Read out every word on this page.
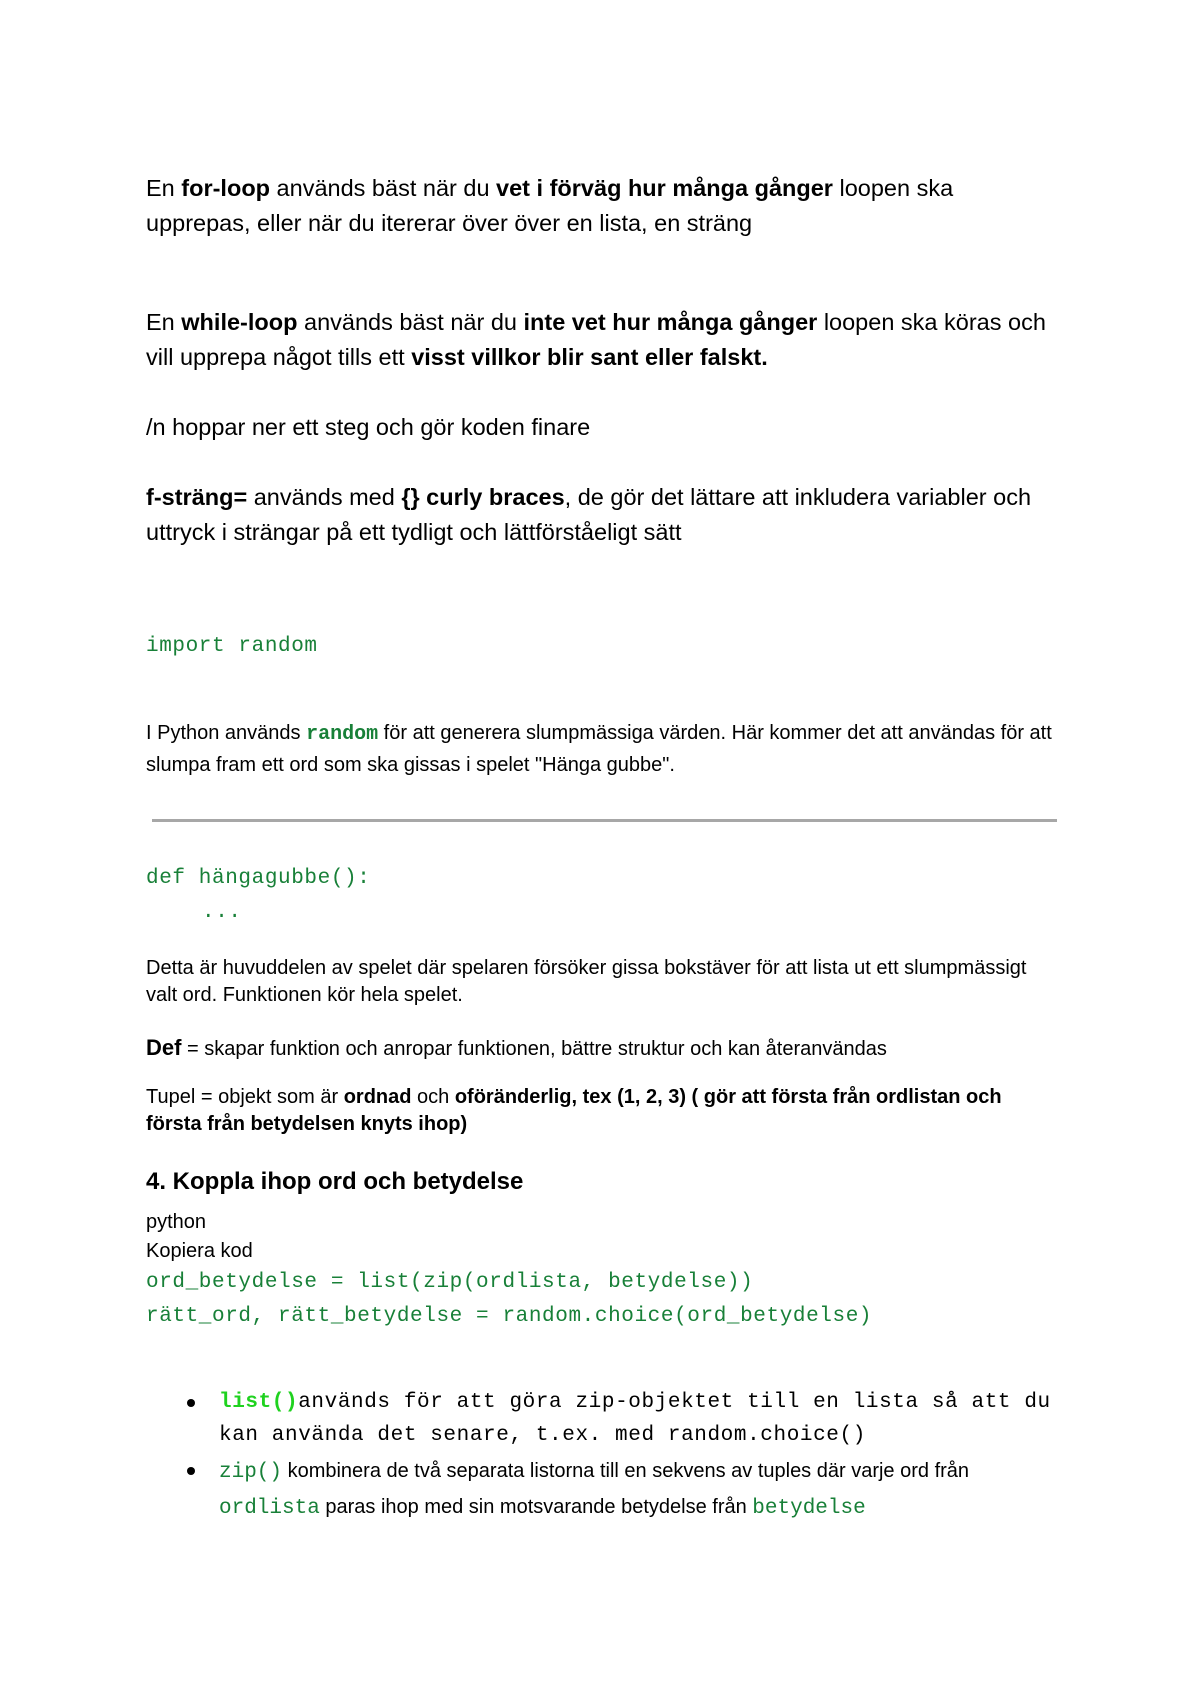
En for-loop används bäst när du vet i förväg hur många gånger loopen ska upprepas, eller när du itererar över över en lista, en sträng

En while-loop används bäst när du inte vet hur många gånger loopen ska köras och vill upprepa något tills ett visst villkor blir sant eller falskt.

/n hoppar ner ett steg och gör koden finare

f-sträng= används med {} curly braces, de gör det lättare att inkludera variabler och uttryck i strängar på ett tydligt och lättförståeligt sätt

import random

I Python används random för att generera slumpmässiga värden. Här kommer det att användas för att slumpa fram ett ord som ska gissas i spelet "Hänga gubbe".

def hängagubbe():
...

Detta är huvuddelen av spelet där spelaren försöker gissa bokstäver för att lista ut ett slumpmässigt valt ord. Funktionen kör hela spelet.

Def = skapar funktion och anropar funktionen, bättre struktur och kan återanvändas

Tupel = objekt som är ordnad och oföränderlig, tex (1, 2, 3) ( gör att första från ordlistan och första från betydelsen knyts ihop)

4. Koppla ihop ord och betydelse
python
Kopiera kod
ord_betydelse = list(zip(ordlista, betydelse))
rätt_ord, rätt_betydelse = random.choice(ord_betydelse)
list()används för att göra zip-objektet till en lista så att du kan använda det senare, t.ex. med random.choice()
zip() kombinera de två separata listorna till en sekvens av tuples där varje ord från ordlista paras ihop med sin motsvarande betydelse från betydelse
